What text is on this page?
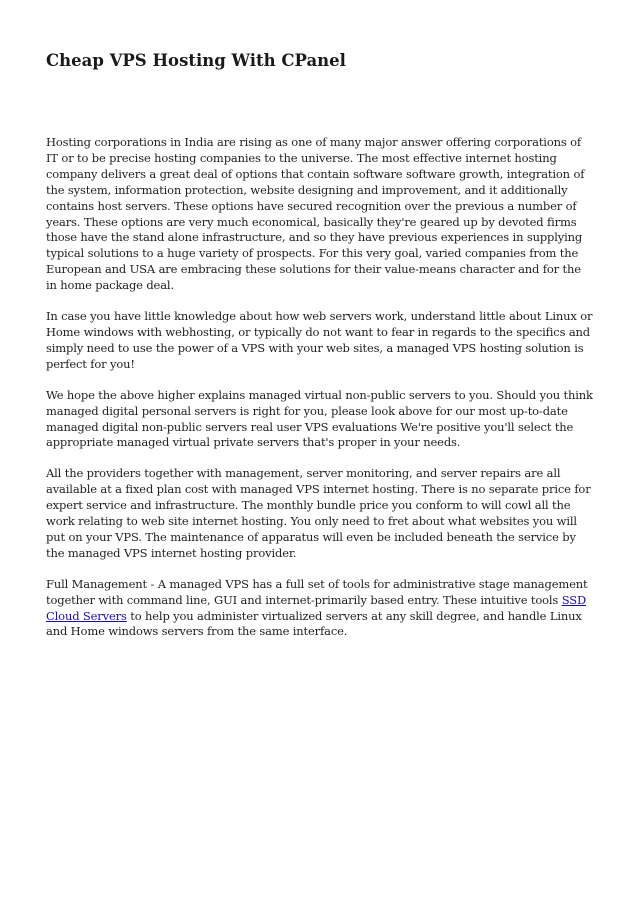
Cheap VPS Hosting With CPanel

Hosting corporations in India are rising as one of many major answer offering corporations of IT or to be precise hosting companies to the universe. The most effective internet hosting company delivers a great deal of options that contain software software growth, integration of the system, information protection, website designing and improvement, and it additionally contains host servers. These options have secured recognition over the previous a number of years. These options are very much economical, basically they're geared up by devoted firms those have the stand alone infrastructure, and so they have previous experiences in supplying typical solutions to a huge variety of prospects. For this very goal, varied companies from the European and USA are embracing these solutions for their value-means character and for the in home package deal.

In case you have little knowledge about how web servers work, understand little about Linux or Home windows with webhosting, or typically do not want to fear in regards to the specifics and simply need to use the power of a VPS with your web sites, a managed VPS hosting solution is perfect for you!

We hope the above higher explains managed virtual non-public servers to you. Should you think managed digital personal servers is right for you, please look above for our most up-to-date managed digital non-public servers real user VPS evaluations We're positive you'll select the appropriate managed virtual private servers that's proper in your needs.

All the providers together with management, server monitoring, and server repairs are all available at a fixed plan cost with managed VPS internet hosting. There is no separate price for expert service and infrastructure. The monthly bundle price you conform to will cowl all the work relating to web site internet hosting. You only need to fret about what websites you will put on your VPS. The maintenance of apparatus will even be included beneath the service by the managed VPS internet hosting provider.

Full Management - A managed VPS has a full set of tools for administrative stage management together with command line, GUI and internet-primarily based entry. These intuitive tools SSD Cloud Servers to help you administer virtualized servers at any skill degree, and handle Linux and Home windows servers from the same interface.
